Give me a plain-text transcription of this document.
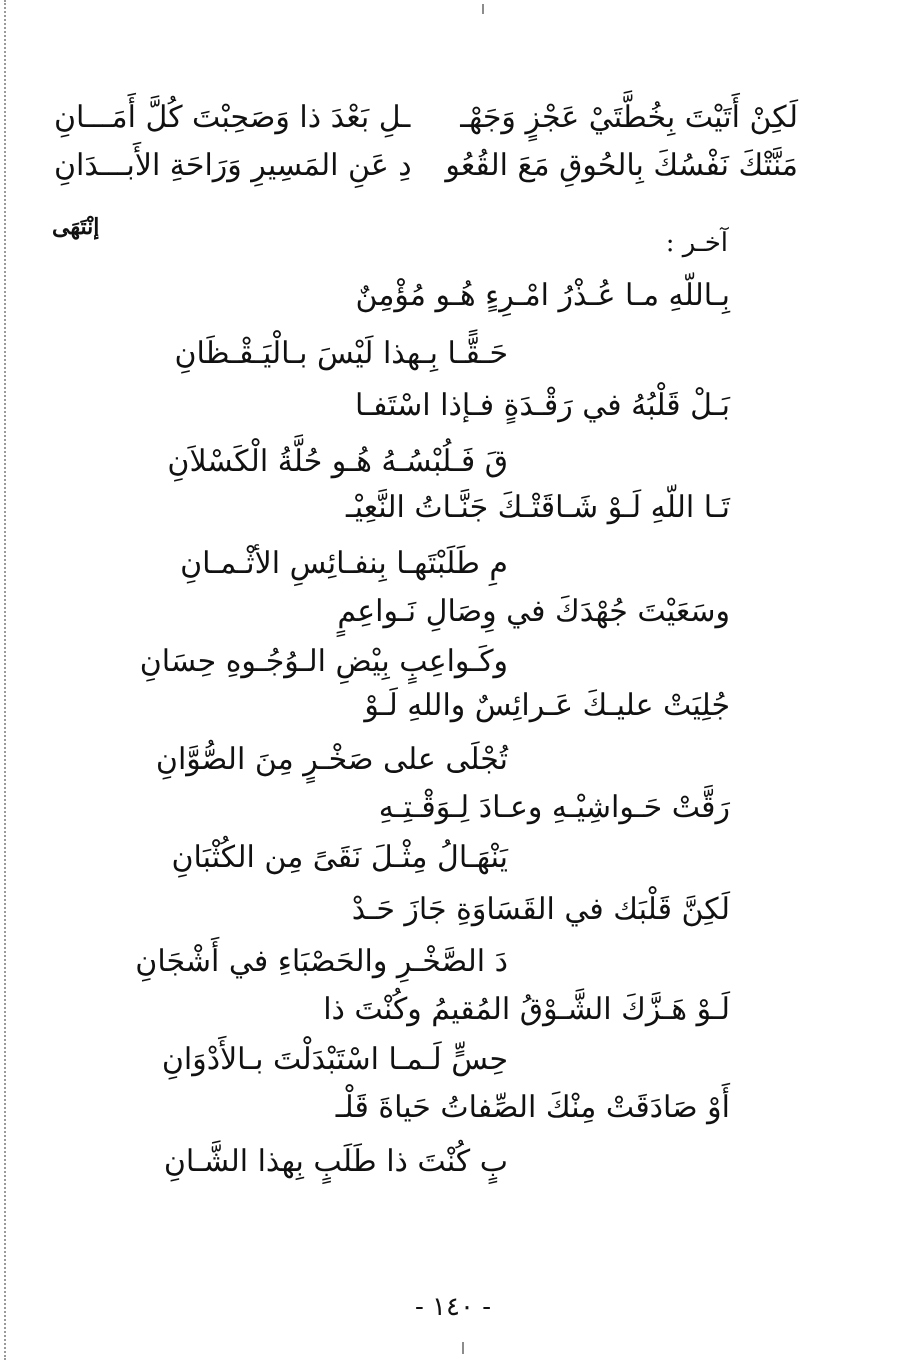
لَكِنْ أَتَيْتَ بِخُطَّتَيْ عَجْزٍ وَجَهْـ
ـلِ بَعْدَ ذا وَصَحِبْتَ كُلَّ أَمَـــانِ
مَنَّتْكَ نَفْسُكَ بِالحُوقِ مَعَ القُعُو
دِ عَنِ المَسِيرِ وَرَاحَةِ الأَبـــدَانِ
إنْتَهَى
آخـر :
بِـاللّهِ مـا عُـذْرُ امْـرِءٍ هُـو مُؤْمِنٌ
حَـقًّـا بِـهذا لَيْسَ بـالْيَـقْـظَانِ
بَـلْ قَلْبُهُ في رَقْـدَةٍ فـإذا اسْتَفـا
قَ فَـلُبْسُـهُ هُـو حُلَّةُ الْكَسْلاَنِ
تَـا اللّهِ لَـوْ شَـاقَتْـكَ جَنَّـاتُ النَّعِيْـ
مِ طَلَبْتَهـا بِنفـائِسِ الأثْـمـانِ
وسَعَيْتَ جُهْدَكَ في وِصَالِ نَـواعِمٍ
وكَـواعِبٍ بِيْضِ الـوُجُـوهِ حِسَانِ
جُلِيَتْ عليـكَ عَـرائِسٌ واللهِ لَـوْ
تُجْلَى على صَخْـرٍ مِنَ الصُّوَّانِ
رَقَّتْ حَـواشِيْـهِ وعـادَ لِـوَقْـتِـهِ
يَنْهَـالُ مِثْـلَ نَقَىً مِن الكُثْبَانِ
لَكِنَّ قَلْبَك في القَسَاوَةِ جَازَ حَـدْ
دَ الصَّخْـرِ والحَصْبَاءِ في أَشْجَانِ
لَـوْ هَـزَّكَ الشَّـوْقُ المُقيمُ وكُنْتَ ذا
حِسٍّ لَـمـا اسْتَبْدَلْتَ بـالأَدْوَانِ
أَوْ صَادَقَتْ مِنْكَ الصِّفاتُ حَياةَ قَلْـ
بٍ كُنْتَ ذا طَلَبٍ بِهذا الشَّـانِ
- ١٤٠ -
